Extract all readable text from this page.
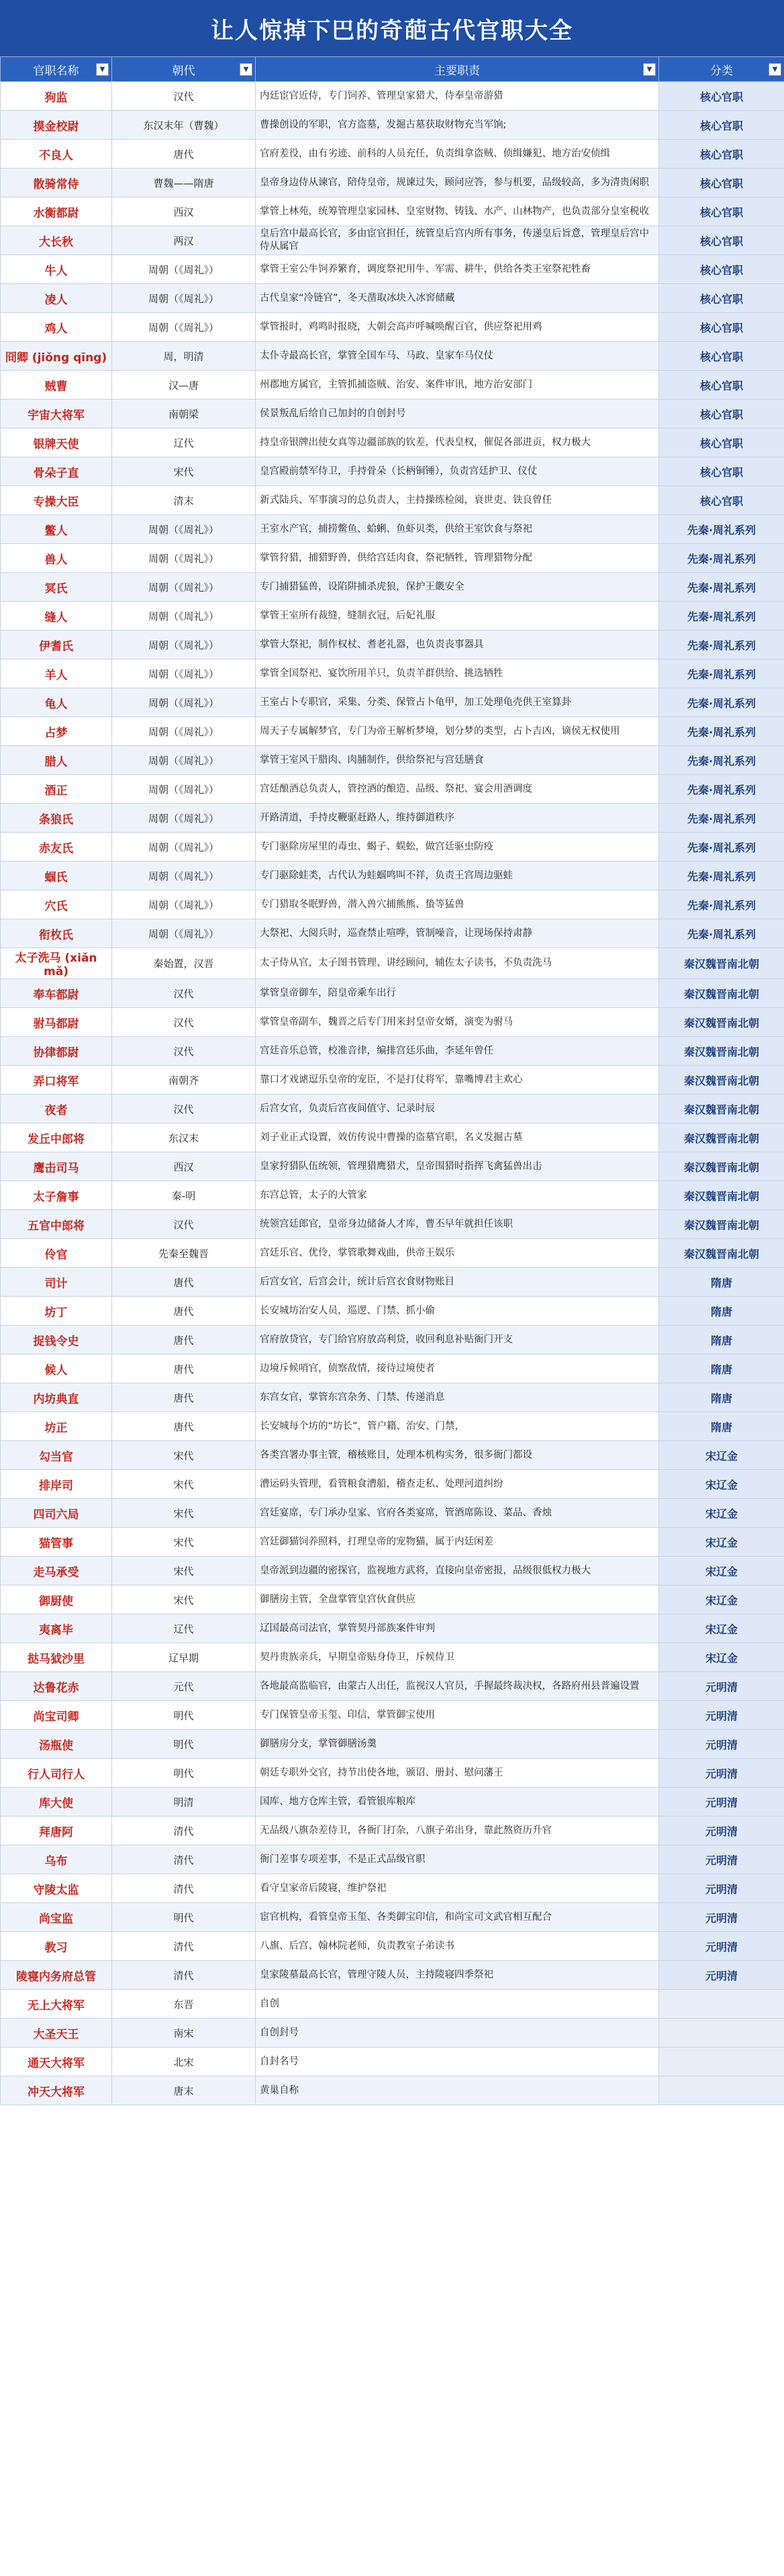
让人惊掉下巴的奇葩古代官职大全
官职名称 ▼	朝代 ▼	主要职责 ▼	分类 ▼

狗监	汉代	内廷宦官近侍，专门饲养、管理皇家猎犬，侍奉皇帝游猎	核心官职
摸金校尉	东汉末年（曹魏）	曹操创设的军职，官方盗墓，发掘古墓获取财物充当军饷;	核心官职
不良人	唐代	官府差役，由有劣迹、前科的人员充任，负责缉拿盗贼、侦缉嫌犯、地方治安侦缉	核心官职
散骑常侍	曹魏——隋唐	皇帝身边侍从谏官，陪侍皇帝，规谏过失，顾问应答，参与机要，品级较高，多为清贵闲职	核心官职
水衡都尉	西汉	掌管上林苑，统筹管理皇家园林、皇室财物、铸钱、水产、山林物产，也负责部分皇室税收	核心官职
大长秋	两汉	皇后宫中最高长官，多由宦官担任，统管皇后宫内所有事务，传递皇后旨意，管理皇后宫中侍从属官	核心官职
牛人	周朝（《周礼》）	掌管王室公牛饲养繁育，调度祭祀用牛、军需、耕牛，供给各类王室祭祀牲畜	核心官职
凌人	周朝（《周礼》）	古代皇家“冷链官”，冬天凿取冰块入冰窖储藏	核心官职
鸡人	周朝（《周礼》）	掌管报时，鸡鸣时报晓，大朝会高声呼喊唤醒百官，供应祭祀用鸡	核心官职
冏卿 (jiǒng qīng)	周，明清	太仆寺最高长官，掌管全国车马、马政、皇家车马仪仗	核心官职
贼曹	汉—唐	州郡地方属官，主管抓捕盗贼、治安、案件审讯，地方治安部门	核心官职
宇宙大将军	南朝梁	侯景叛乱后给自己加封的自创封号	核心官职
银牌天使	辽代	持皇帝银牌出使女真等边疆部族的钦差，代表皇权，催促各部进贡，权力极大	核心官职
骨朵子直	宋代	皇宫殿前禁军侍卫，手持骨朵（长柄铜锤），负责宫廷护卫、仪仗	核心官职
专操大臣	清末	新式陆兵、军事演习的总负责人，主持操练检阅，衰世吏、铁良曾任	核心官职
鳖人	周朝（《周礼》）	王室水产官，捕捞鳖鱼、蛤蜊、鱼虾贝类，供给王室饮食与祭祀	先秦·周礼系列
兽人	周朝（《周礼》）	掌管狩猎，捕猎野兽，供给宫廷肉食，祭祀牺牲，管理猎物分配	先秦·周礼系列
冥氏	周朝（《周礼》）	专门捕猎猛兽，设陷阱捕杀虎狼，保护王畿安全	先秦·周礼系列
缝人	周朝（《周礼》）	掌管王室所有裁缝，缝制衣冠，后妃礼服	先秦·周礼系列
伊耆氏	周朝（《周礼》）	掌管大祭祀，制作权杖、耆老礼器，也负责丧事器具	先秦·周礼系列
羊人	周朝（《周礼》）	掌管全国祭祀、宴饮所用羊只，负责羊群供给、挑选牺牲	先秦·周礼系列
龟人	周朝（《周礼》）	王室占卜专职官，采集、分类、保管占卜龟甲，加工处理龟壳供王室算卦	先秦·周礼系列
占梦	周朝（《周礼》）	周天子专属解梦官，专门为帝王解析梦境，划分梦的类型，占卜吉凶，谪侯无权使用	先秦·周礼系列
腊人	周朝（《周礼》）	掌管王室风干腊肉、肉脯制作，供给祭祀与宫廷膳食	先秦·周礼系列
酒正	周朝（《周礼》）	宫廷酿酒总负责人，管控酒的酿造、品级、祭祀、宴会用酒调度	先秦·周礼系列
条狼氏	周朝（《周礼》）	开路清道，手持皮鞭驱赶路人，维持御道秩序	先秦·周礼系列
赤友氏	周朝（《周礼》）	专门驱除房屋里的毒虫、蝎子、蜈蚣，做宫廷驱虫防疫	先秦·周礼系列
蝈氏	周朝（《周礼》）	专门驱除蛙类，古代认为蛙蝈鸣叫不祥，负责王宫周边驱蛙	先秦·周礼系列
穴氏	周朝（《周礼》）	专门猎取冬眠野兽，潜入兽穴捕熊熊、蛰等猛兽	先秦·周礼系列
衔枚氏	周朝（《周礼》）	大祭祀、大阅兵时，巡查禁止喧哗，管制噪音，让现场保持肃静	先秦·周礼系列
太子洗马 (xiǎn mǎ)	秦始置，汉晋	太子侍从官，太子图书管理、讲经顾问，辅佐太子读书，不负责洗马	秦汉魏晋南北朝
奉车都尉	汉代	掌管皇帝御车，陪皇帝乘车出行	秦汉魏晋南北朝
驸马都尉	汉代	掌管皇帝副车，魏晋之后专门用来封皇帝女婿，演变为驸马	秦汉魏晋南北朝
协律都尉	汉代	宫廷音乐总管，校准音律，编排宫廷乐曲，李延年曾任	秦汉魏晋南北朝
弄口将军	南朝齐	靠口才戏谑逗乐皇帝的宠臣，不是打仗将军，靠嘴博君主欢心	秦汉魏晋南北朝
夜者	汉代	后宫女官，负责后宫夜间值守、记录时辰	秦汉魏晋南北朝
发丘中郎将	东汉末	刘子业正式设置，效仿传说中曹操的盗墓官职，名义发掘古墓	秦汉魏晋南北朝
鹰击司马	西汉	皇家狩猎队伍统领，管理猎鹰猎犬，皇帝围猎时指挥飞禽猛兽出击	秦汉魏晋南北朝
太子詹事	秦-明	东宫总管，太子的大管家	秦汉魏晋南北朝
五官中郎将	汉代	统领宫廷郎官，皇帝身边储备人才库，曹丕早年就担任该职	秦汉魏晋南北朝
伶官	先秦至魏晋	宫廷乐官、优伶，掌管歌舞戏曲，供帝王娱乐	秦汉魏晋南北朝
司计	唐代	后宫女官，后宫会计，统计后宫衣食财物账目	隋唐
坊丁	唐代	长安城坊治安人员，巡逻、门禁、抓小偷	隋唐
捉钱令史	唐代	官府放贷官，专门给官府放高利贷，收回利息补贴衙门开支	隋唐
候人	唐代	边境斥候哨官，侦察敌情，接待过境使者	隋唐
内坊典直	唐代	东宫女官，掌管东宫杂务、门禁、传递消息	隋唐
坊正	唐代	长安城每个坊的“坊长”，管户籍、治安、门禁，	隋唐
勾当官	宋代	各类宫署办事主管，稽核账目，处理本机构实务，很多衙门都设	宋辽金
排岸司	宋代	漕运码头管理，看管粮食漕船，稽查走私、处理河道纠纷	宋辽金
四司六局	宋代	宫廷宴席，专门承办皇家、官府各类宴席，管酒席陈设、菜品、香烛	宋辽金
猫管事	宋代	宫廷御猫饲养照料，打理皇帝的宠物猫，属于内廷闲差	宋辽金
走马承受	宋代	皇帝派到边疆的密探官，监视地方武将，直接向皇帝密报，品级很低权力极大	宋辽金
御厨使	宋代	御膳房主管，全盘掌管皇宫伙食供应	宋辽金
夷离毕	辽代	辽国最高司法官，掌管契丹部族案件审判	宋辽金
挞马狘沙里	辽早期	契丹贵族亲兵，早期皇帝贴身侍卫，斥候侍卫	宋辽金
达鲁花赤	元代	各地最高监临官，由蒙古人出任，监视汉人官员，手握最终裁决权，各路府州县普遍设置	元明清
尚宝司卿	明代	专门保管皇帝玉玺、印信，掌管御宝使用	元明清
汤瓶使	明代	御膳房分支，掌管御膳汤羹	元明清
行人司行人	明代	朝廷专职外交官，持节出使各地，颁诏、册封、慰问藩王	元明清
库大使	明清	国库、地方仓库主管，看管银库粮库	元明清
拜唐阿	清代	无品级八旗杂差侍卫，各衙门打杂，八旗子弟出身，靠此熬资历升官	元明清
乌布	清代	衙门差事专项差事，不是正式品级官职	元明清
守陵太监	清代	看守皇家帝后陵寝，维护祭祀	元明清
尚宝监	明代	宦官机构，看管皇帝玉玺、各类御宝印信，和尚宝司文武官相互配合	元明清
教习	清代	八旗、后宫、翰林院老师，负责教室子弟读书	元明清
陵寝内务府总管	清代	皇家陵墓最高长官，管理守陵人员，主持陵寝四季祭祀	元明清
无上大将军	东晋	自创	
大圣天王	南宋	自创封号	
通天大将军	北宋	自封名号	
冲天大将军	唐末	黄巢自称	
